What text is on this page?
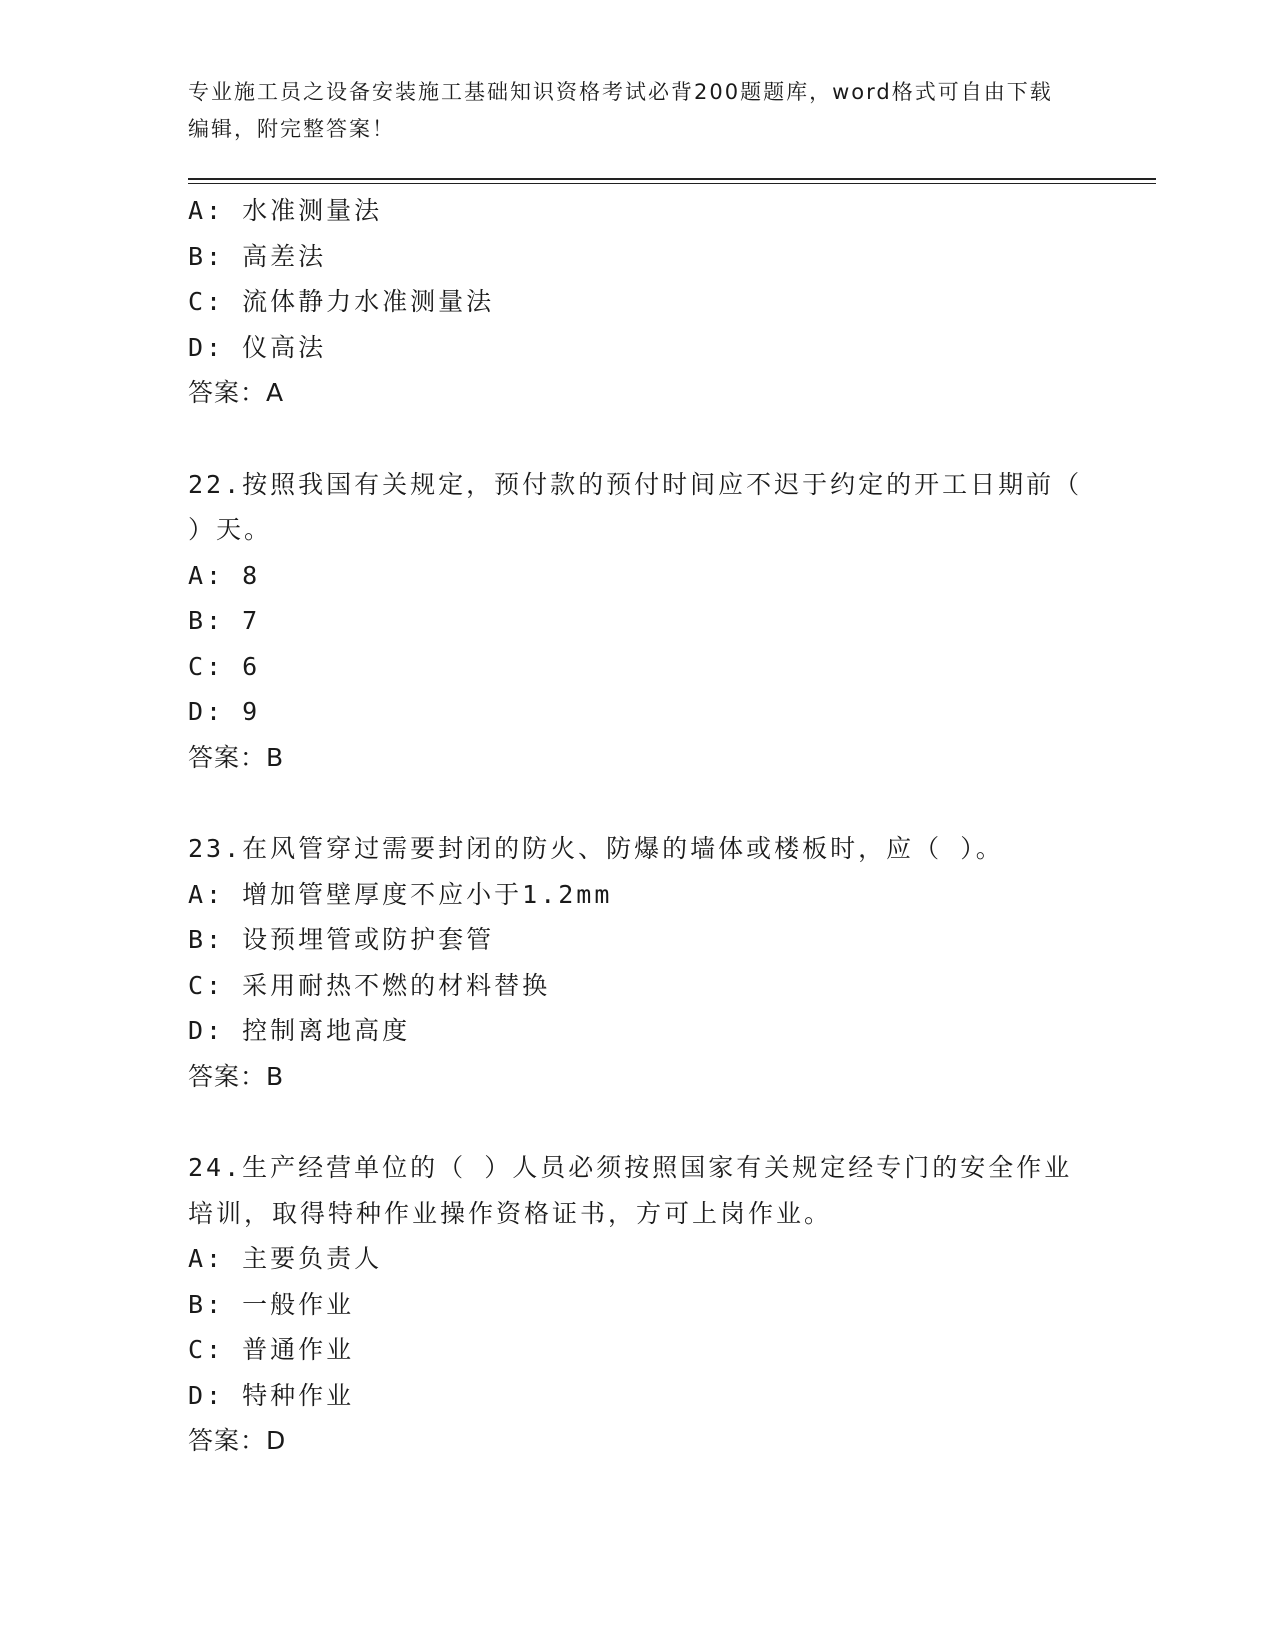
专业施工员之设备安装施工基础知识资格考试必背200题题库，word格式可自由下载编辑，附完整答案！
A: 水准测量法
B: 高差法
C: 流体静力水准测量法
D: 仪高法
答案：A
22.按照我国有关规定，预付款的预付时间应不迟于约定的开工日期前（ ）天。
A: 8
B: 7
C: 6
D: 9
答案：B
23.在风管穿过需要封闭的防火、防爆的墙体或楼板时，应（ ）。
A: 增加管壁厚度不应小于1.2mm
B: 设预埋管或防护套管
C: 采用耐热不燃的材料替换
D: 控制离地高度
答案：B
24.生产经营单位的（ ）人员必须按照国家有关规定经专门的安全作业培训，取得特种作业操作资格证书，方可上岗作业。
A: 主要负责人
B: 一般作业
C: 普通作业
D: 特种作业
答案：D
